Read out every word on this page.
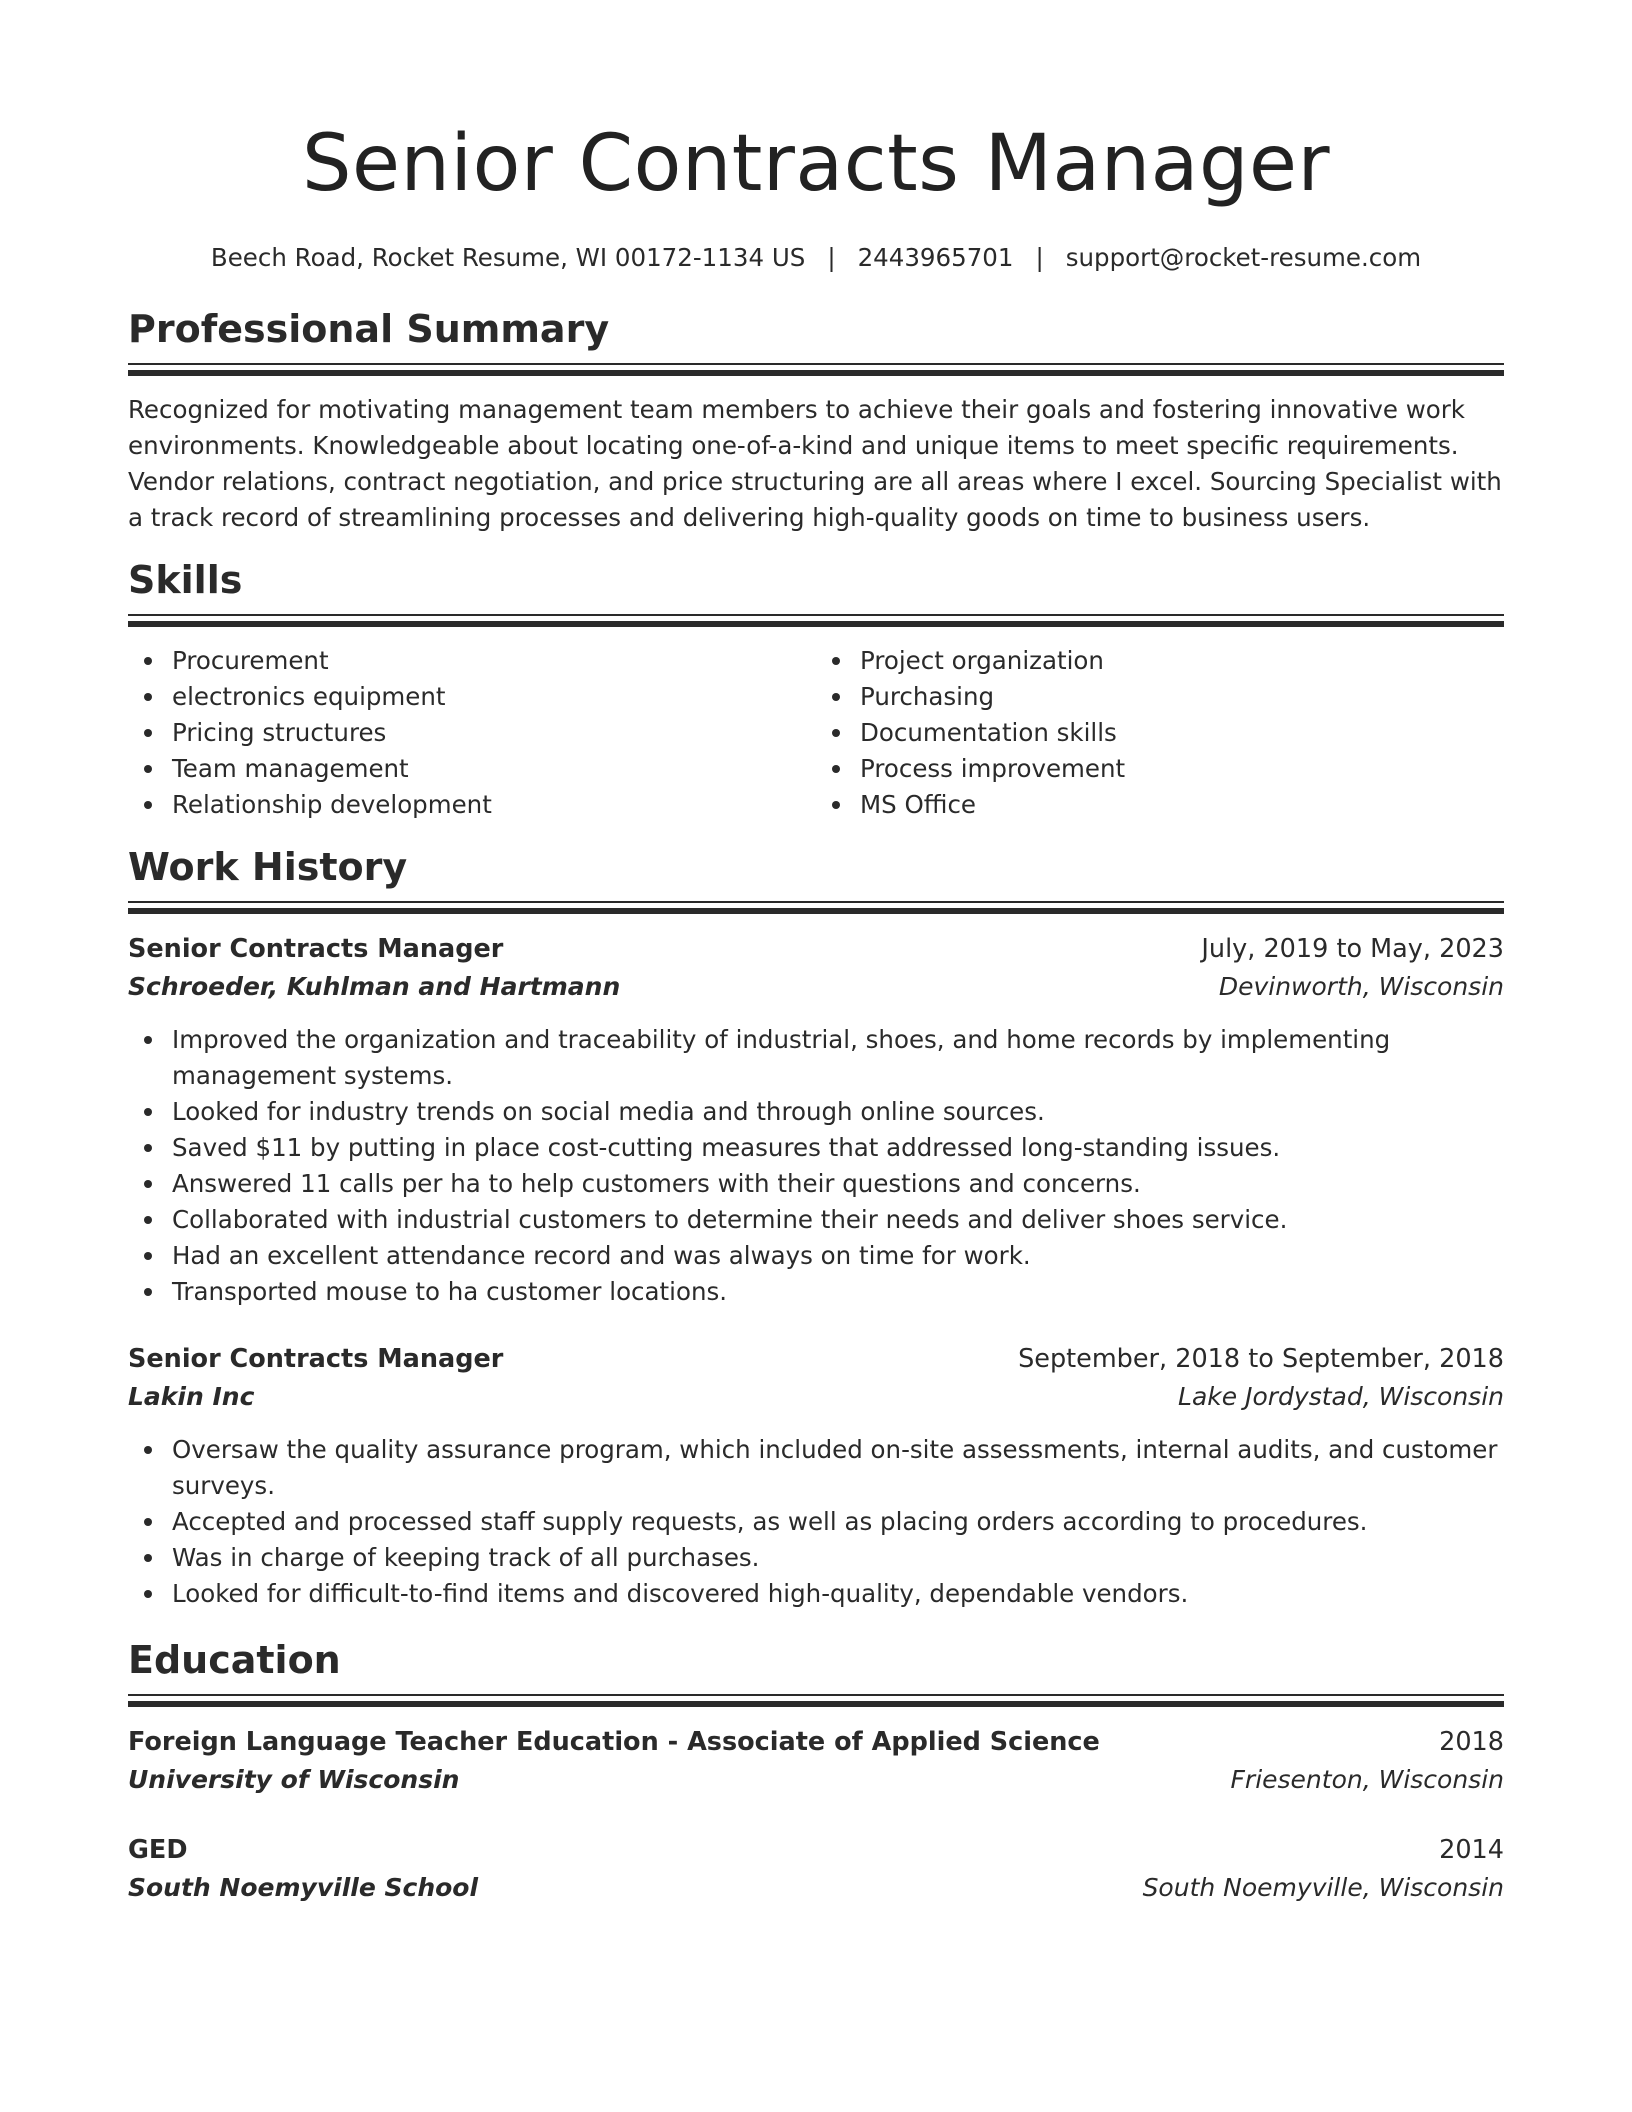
Senior Contracts Manager
Beech Road, Rocket Resume, WI 00172-1134 US | 2443965701 | support@rocket-resume.com
Professional Summary
Recognized for motivating management team members to achieve their goals and fostering innovative work environments. Knowledgeable about locating one-of-a-kind and unique items to meet specific requirements. Vendor relations, contract negotiation, and price structuring are all areas where I excel. Sourcing Specialist with a track record of streamlining processes and delivering high-quality goods on time to business users.
Skills
Procurement
electronics equipment
Pricing structures
Team management
Relationship development
Project organization
Purchasing
Documentation skills
Process improvement
MS Office
Work History
Senior Contracts Manager	July, 2019 to May, 2023
Schroeder, Kuhlman and Hartmann	Devinworth, Wisconsin
Improved the organization and traceability of industrial, shoes, and home records by implementing management systems.
Looked for industry trends on social media and through online sources.
Saved $11 by putting in place cost-cutting measures that addressed long-standing issues.
Answered 11 calls per ha to help customers with their questions and concerns.
Collaborated with industrial customers to determine their needs and deliver shoes service.
Had an excellent attendance record and was always on time for work.
Transported mouse to ha customer locations.
Senior Contracts Manager	September, 2018 to September, 2018
Lakin Inc	Lake Jordystad, Wisconsin
Oversaw the quality assurance program, which included on-site assessments, internal audits, and customer surveys.
Accepted and processed staff supply requests, as well as placing orders according to procedures.
Was in charge of keeping track of all purchases.
Looked for difficult-to-find items and discovered high-quality, dependable vendors.
Education
Foreign Language Teacher Education - Associate of Applied Science	2018
University of Wisconsin	Friesenton, Wisconsin
GED	2014
South Noemyville School	South Noemyville, Wisconsin
